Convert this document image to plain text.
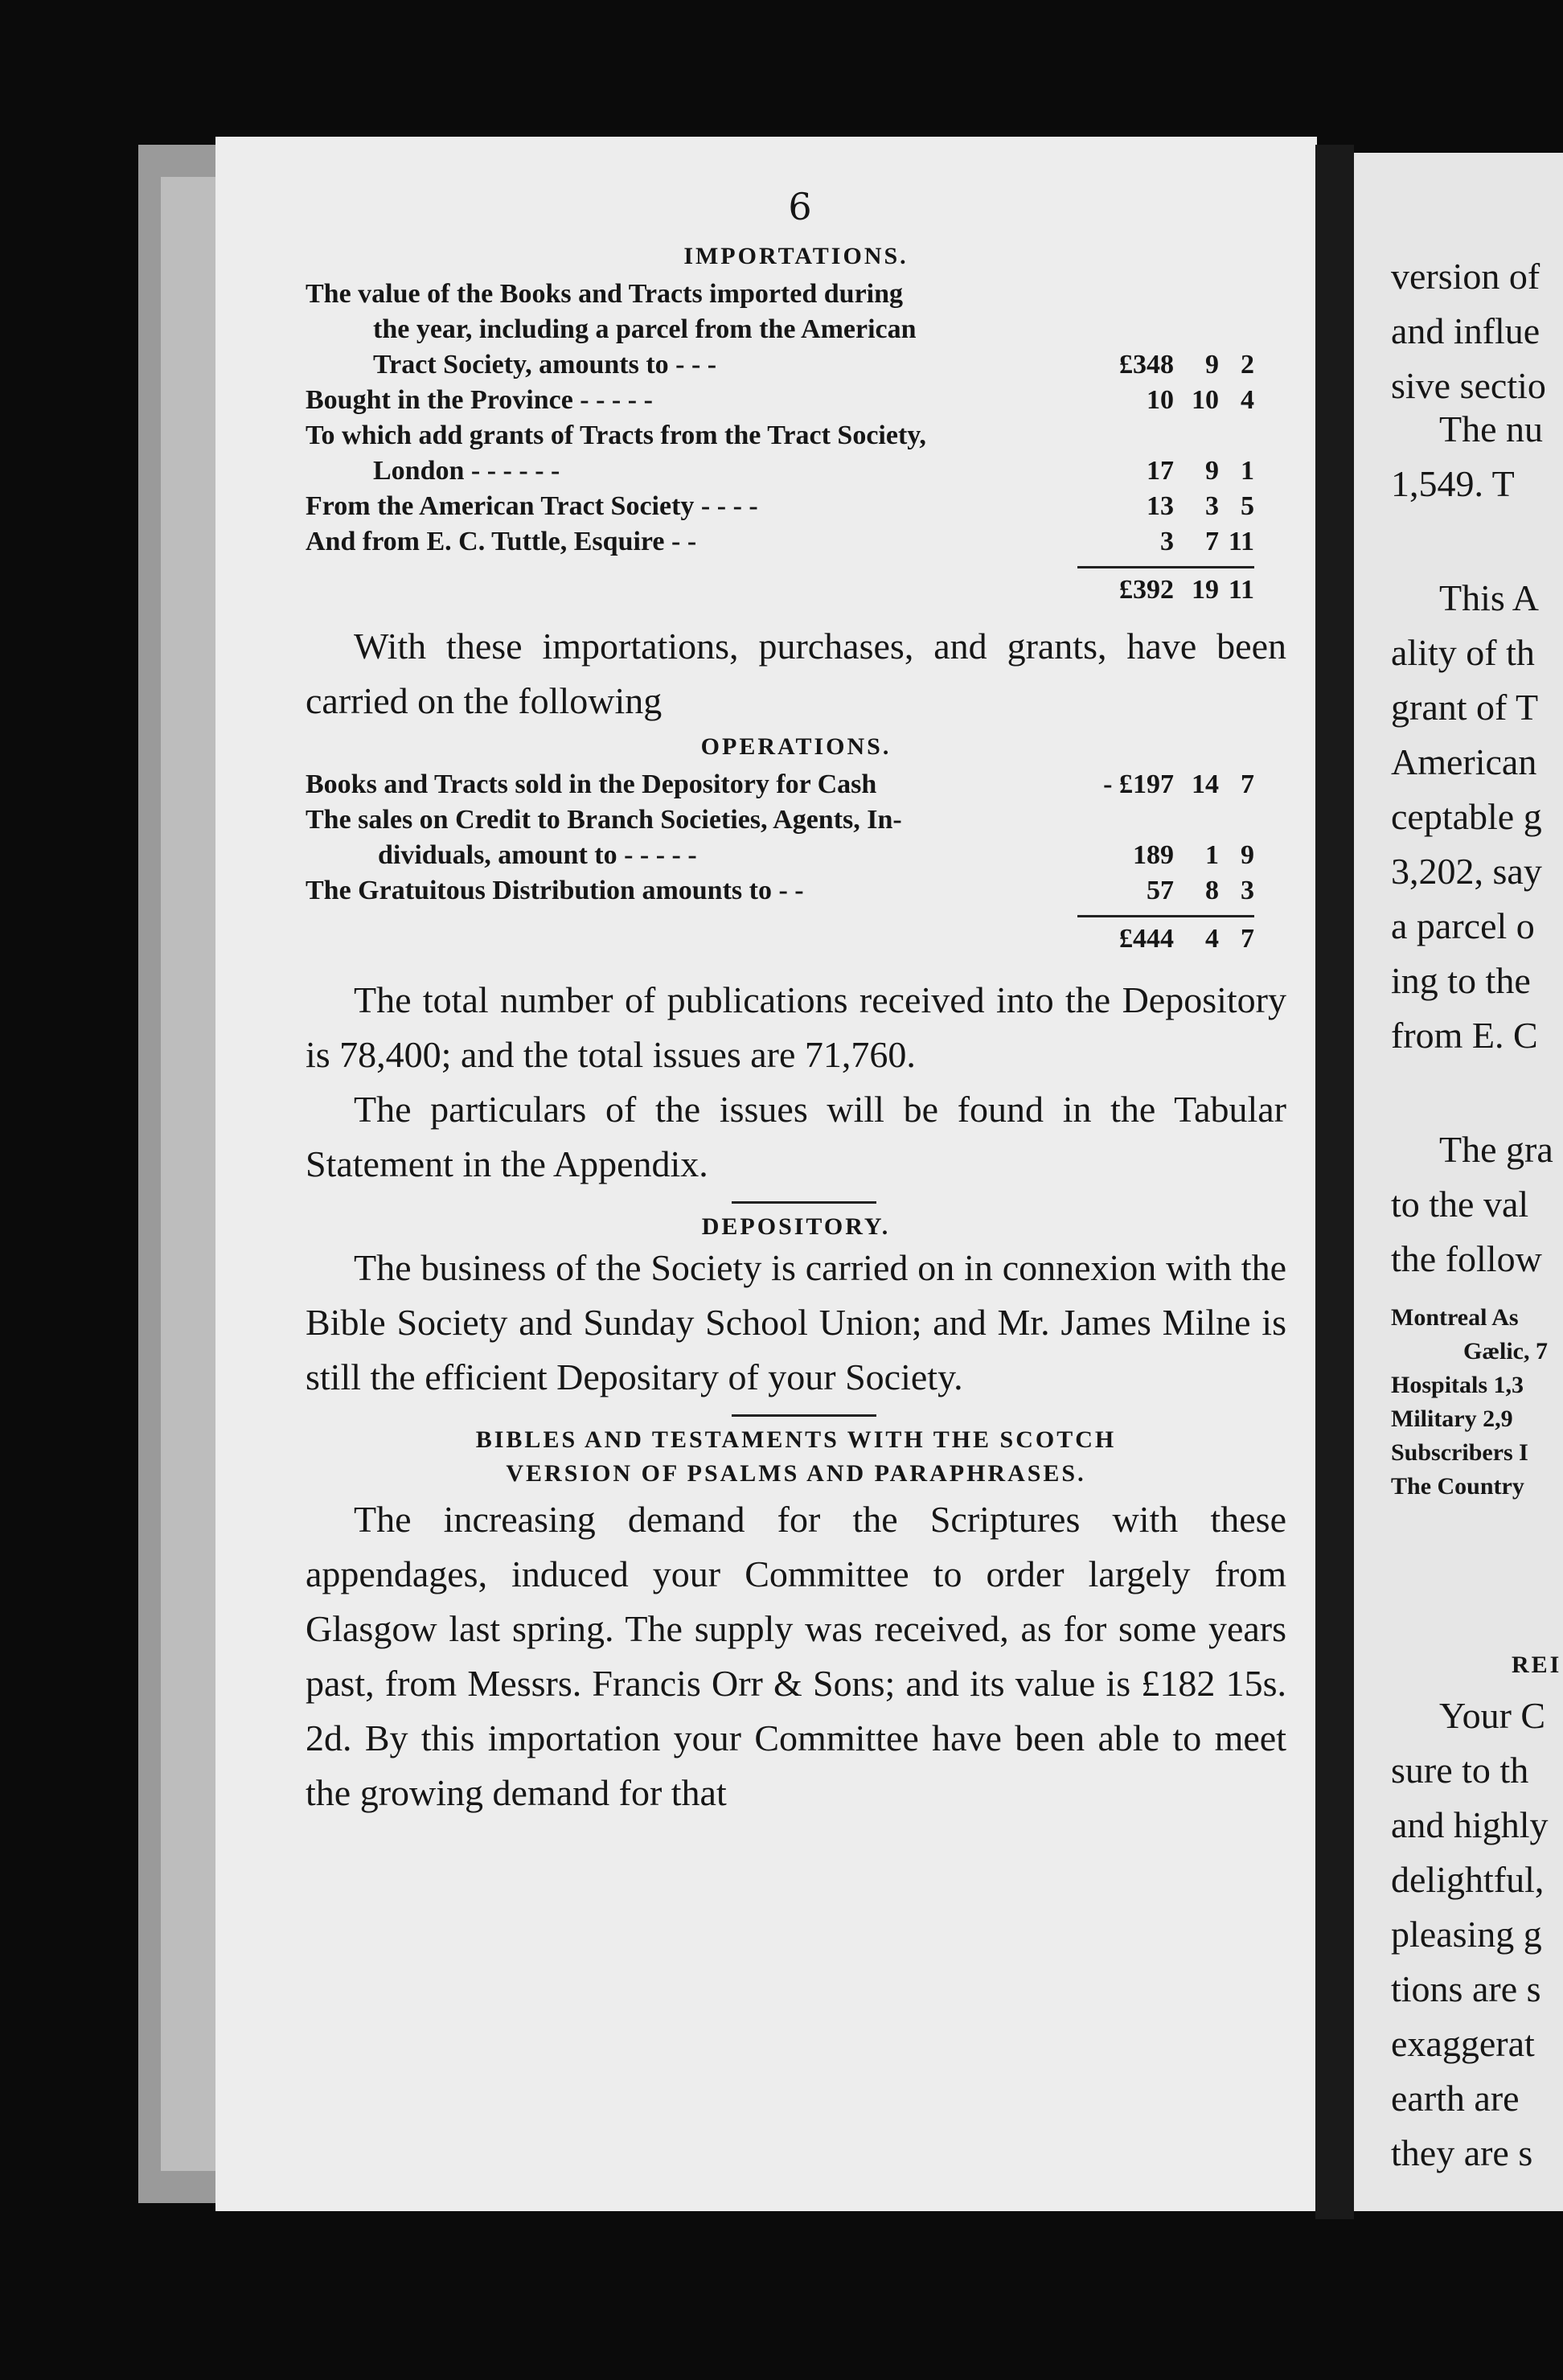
6
IMPORTATIONS.
The value of the Books and Tracts imported during
the year, including a parcel from the American
Tract Society, amounts to - - -	£348	9 2
Bought in the Province - - - - -	10 10 4
To which add grants of Tracts from the Tract Society,
London - - - - - -	17	9 1
From the American Tract Society - - - -	13	3 5
And from E. C. Tuttle, Esquire - -	3	7 11
£392 19 11

With these importations, purchases, and grants, have been carried on the following

OPERATIONS.
Books and Tracts sold in the Depository for Cash	- £197 14 7
The sales on Credit to Branch Societies, Agents, In-
dividuals, amount to - - - - -	189	1 9
The Gratuitous Distribution amounts to - -	57	8 3
£444	4 7

The total number of publications received into the Depository is 78,400; and the total issues are 71,760.

The particulars of the issues will be found in the Tabular Statement in the Appendix.

DEPOSITORY.

The business of the Society is carried on in connexion with the Bible Society and Sunday School Union; and Mr. James Milne is still the efficient Depositary of your Society.

BIBLES AND TESTAMENTS WITH THE SCOTCH
VERSION OF PSALMS AND PARAPHRASES.

The increasing demand for the Scriptures with these appendages, induced your Committee to order largely from Glasgow last spring. The supply was received, as for some years past, from Messrs. Francis Orr & Sons; and its value is £182 15s. 2d. By this importation your Committee have been able to meet the growing demand for that

version of
and influe
sive sectio
The nu
1,549. T
This A
ality of th
grant of T
American
ceptable g
3,202, say
a parcel o
ing to the
from E. C
The gra
to the val
the follow
Montreal As
Gælic, 7
Hospitals 1,3
Military 2,9
Subscribers I
The Country
REI
Your C
sure to th
and highly
delightful,
pleasing g
tions are s
exaggerat
earth are
they are s
